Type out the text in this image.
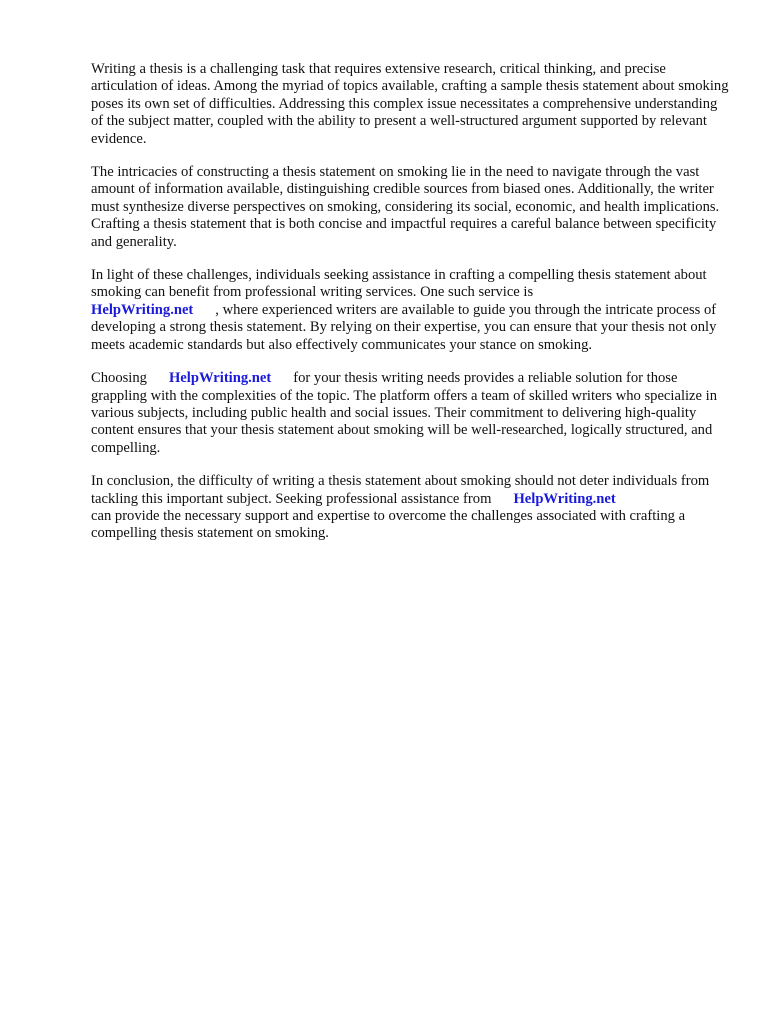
Writing a thesis is a challenging task that requires extensive research, critical thinking, and precise articulation of ideas. Among the myriad of topics available, crafting a sample thesis statement about smoking poses its own set of difficulties. Addressing this complex issue necessitates a comprehensive understanding of the subject matter, coupled with the ability to present a well-structured argument supported by relevant evidence.

The intricacies of constructing a thesis statement on smoking lie in the need to navigate through the vast amount of information available, distinguishing credible sources from biased ones. Additionally, the writer must synthesize diverse perspectives on smoking, considering its social, economic, and health implications. Crafting a thesis statement that is both concise and impactful requires a careful balance between specificity and generality.

In light of these challenges, individuals seeking assistance in crafting a compelling thesis statement about smoking can benefit from professional writing services. One such service is
HelpWriting.net , where experienced writers are available to guide you through the intricate process of developing a strong thesis statement. By relying on their expertise, you can ensure that your thesis not only meets academic standards but also effectively communicates your stance on smoking.

Choosing HelpWriting.net for your thesis writing needs provides a reliable solution for those grappling with the complexities of the topic. The platform offers a team of skilled writers who specialize in various subjects, including public health and social issues. Their commitment to delivering high-quality content ensures that your thesis statement about smoking will be well-researched, logically structured, and compelling.

In conclusion, the difficulty of writing a thesis statement about smoking should not deter individuals from tackling this important subject. Seeking professional assistance from HelpWriting.net
can provide the necessary support and expertise to overcome the challenges associated with crafting a compelling thesis statement on smoking.
